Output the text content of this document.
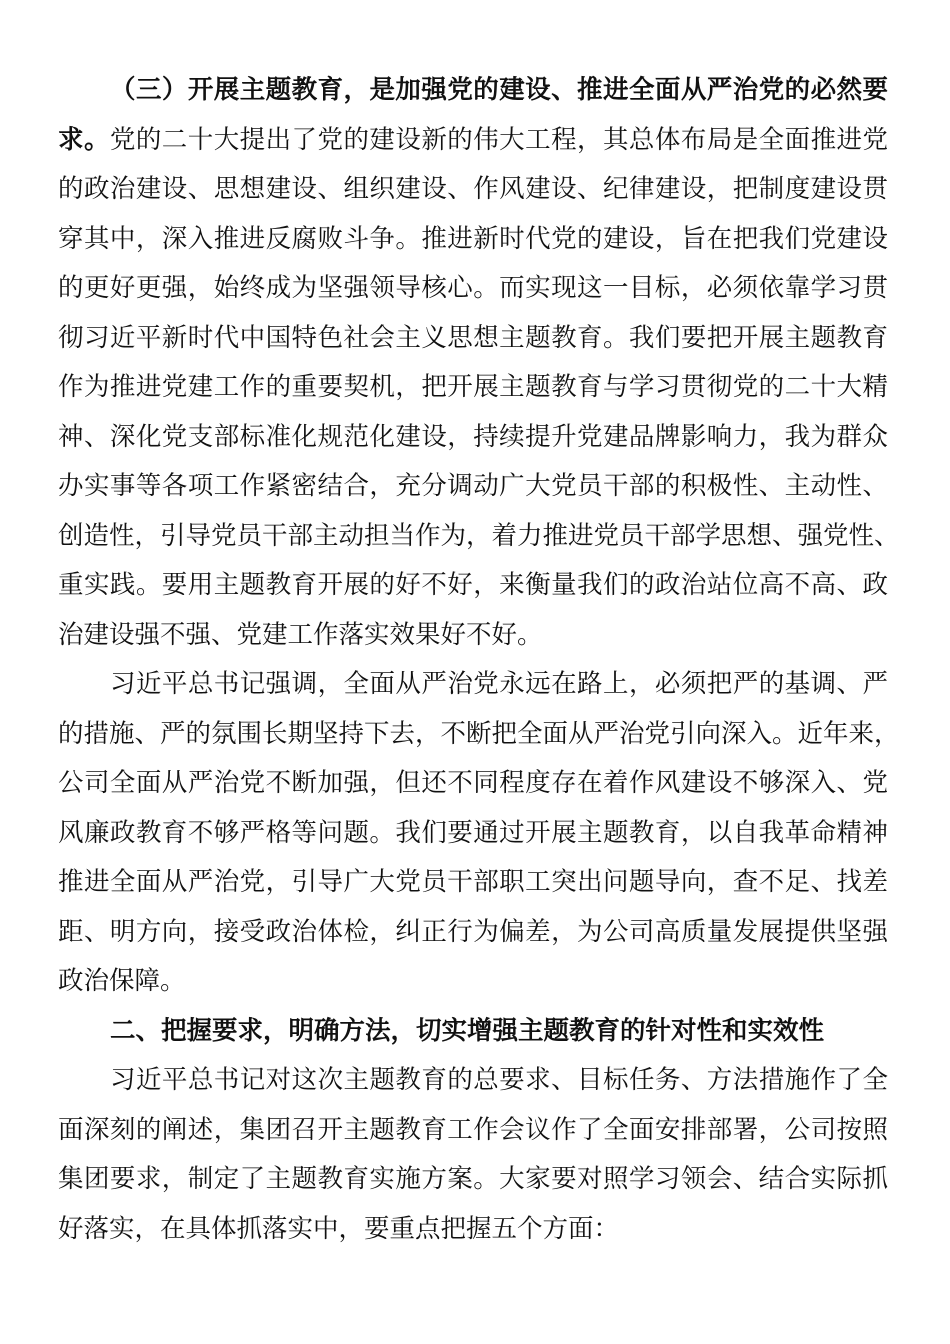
（三）开展主题教育，是加强党的建设、推进全面从严治党的必然要
求。党的二十大提出了党的建设新的伟大工程，其总体布局是全面推进党
的政治建设、思想建设、组织建设、作风建设、纪律建设，把制度建设贯
穿其中，深入推进反腐败斗争。推进新时代党的建设，旨在把我们党建设
的更好更强，始终成为坚强领导核心。而实现这一目标，必须依靠学习贯
彻习近平新时代中国特色社会主义思想主题教育。我们要把开展主题教育
作为推进党建工作的重要契机，把开展主题教育与学习贯彻党的二十大精
神、深化党支部标准化规范化建设，持续提升党建品牌影响力，我为群众
办实事等各项工作紧密结合，充分调动广大党员干部的积极性、主动性、
创造性，引导党员干部主动担当作为，着力推进党员干部学思想、强党性、
重实践。要用主题教育开展的好不好，来衡量我们的政治站位高不高、政
治建设强不强、党建工作落实效果好不好。
习近平总书记强调，全面从严治党永远在路上，必须把严的基调、严
的措施、严的氛围长期坚持下去，不断把全面从严治党引向深入。近年来，
公司全面从严治党不断加强，但还不同程度存在着作风建设不够深入、党
风廉政教育不够严格等问题。我们要通过开展主题教育，以自我革命精神
推进全面从严治党，引导广大党员干部职工突出问题导向，查不足、找差
距、明方向，接受政治体检，纠正行为偏差，为公司高质量发展提供坚强
政治保障。
二、把握要求，明确方法，切实增强主题教育的针对性和实效性
习近平总书记对这次主题教育的总要求、目标任务、方法措施作了全
面深刻的阐述，集团召开主题教育工作会议作了全面安排部署，公司按照
集团要求，制定了主题教育实施方案。大家要对照学习领会、结合实际抓
好落实，在具体抓落实中，要重点把握五个方面：
